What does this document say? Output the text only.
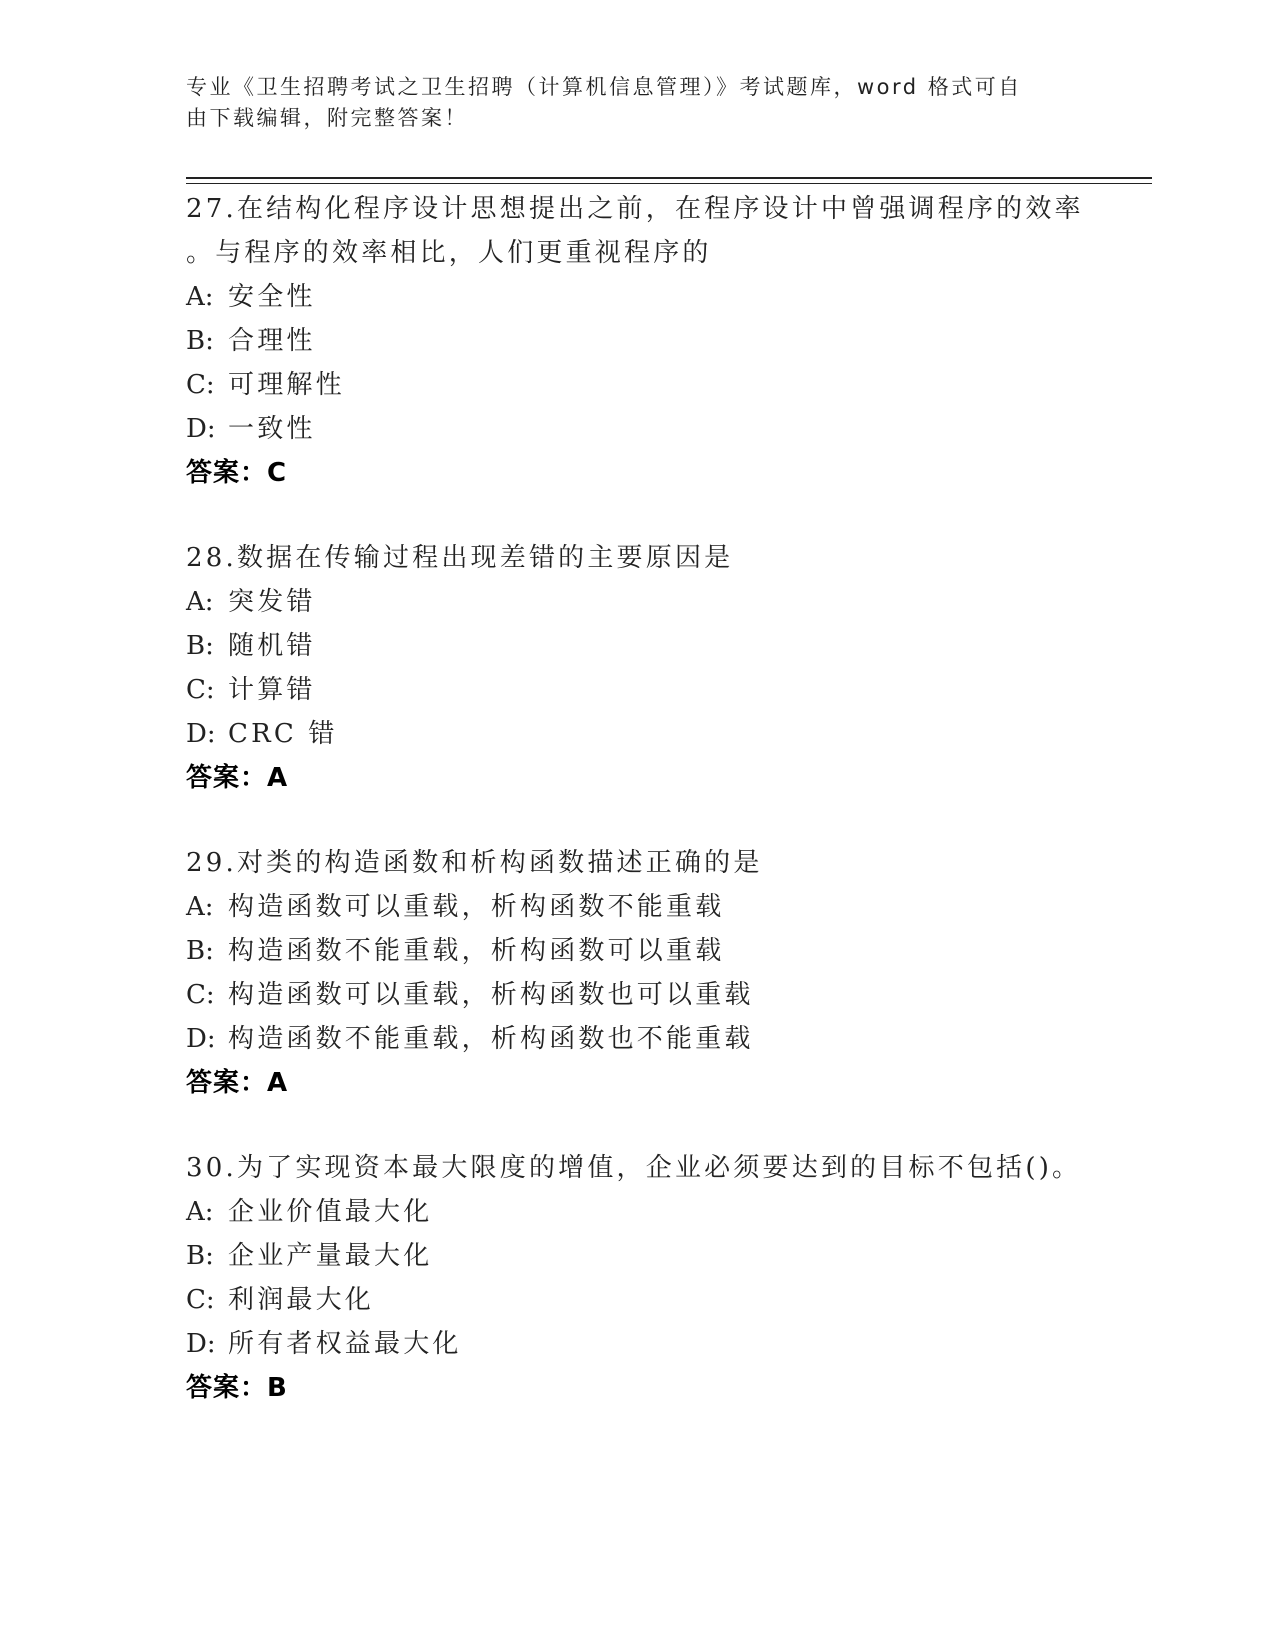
专业《卫生招聘考试之卫生招聘（计算机信息管理）》考试题库，word 格式可自
由下载编辑，附完整答案！
27.在结构化程序设计思想提出之前，在程序设计中曾强调程序的效率
。与程序的效率相比，人们更重视程序的
A: 安全性
B: 合理性
C: 可理解性
D: 一致性
答案：C
28.数据在传输过程出现差错的主要原因是
A: 突发错
B: 随机错
C: 计算错
D: CRC 错
答案：A
29.对类的构造函数和析构函数描述正确的是
A: 构造函数可以重载，析构函数不能重载
B: 构造函数不能重载，析构函数可以重载
C: 构造函数可以重载，析构函数也可以重载
D: 构造函数不能重载，析构函数也不能重载
答案：A
30.为了实现资本最大限度的增值，企业必须要达到的目标不包括()。
A: 企业价值最大化
B: 企业产量最大化
C: 利润最大化
D: 所有者权益最大化
答案：B
